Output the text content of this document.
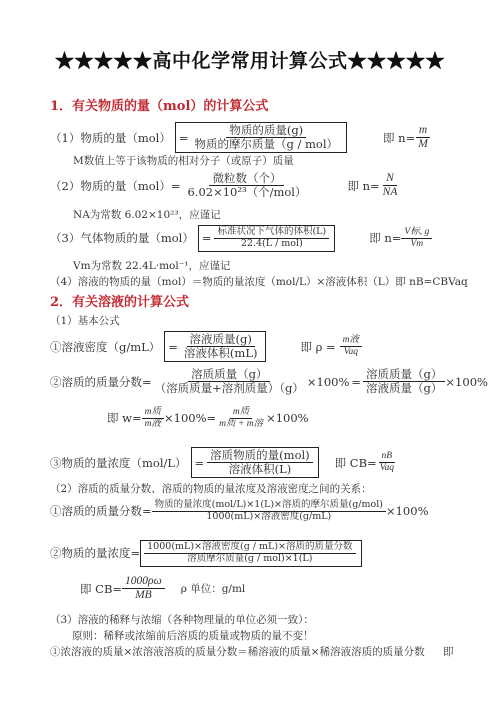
★★★★★高中化学常用计算公式★★★★★
1．有关物质的量（mol）的计算公式
（1）物质的量$(mol) = \frac{\text{物质的质量(g)}}{\text{物质的摩尔质量（g / mol）}}$	即 $n= \frac{m}{M}$
M数值上等于该物质的相对分子（或原子）质量
（2）物质的量$(mol)= \frac{\text{微粒数（个）}}{\text{6.02×10²³（个/mol）}}$	即 $n= \frac{N}{NA}$
NA为常数 6.02×10²³，应谨记
（3）气体物质的量$(mol) = \frac{\text{标准状况下气体的体积(L)}}{\text{22.4(L / mol)}}$	即 $n= \frac{\text{V标, g}}{Vm}$
Vm为常数 22.4L·mol⁻¹，应谨记
（4）溶液的物质的量（mol）＝物质的量浓度（mol/L）×溶液体积（L）即 nB=CBVaq
2．有关溶液的计算公式
（1）基本公式
①溶液密度$(g/mL) = \frac{\text{溶液质量(g)}}{\text{溶液体积(mL)}}$	即 $\rho = \frac{\text{m液}}{\text{Vaq}}$
②溶质的质量分数= $\frac{\text{溶质质量（g）}}{\text{（溶质质量+溶剂质量）（g）}} \times 100\% = \frac{\text{溶质质量（g）}}{\text{溶液质量（g）}} \times 100\%$
即 $w= \frac{\text{m质}}{\text{m液}} \times 100\%= \frac{\text{m质}}{\text{m质 + m溶}} \times 100\%$
③物质的量浓度$(mol/L) = \frac{\text{溶质物质的量(mol)}}{\text{溶液体积(L)}}$ 即 $CB= \frac{nB}{\text{Vaq}}$
（2）溶质的质量分数、溶质的物质的量浓度及溶液密度之间的关系：
①溶质的质量分数= $\frac{\text{物质的量浓度(mol/L)×1(L)×溶质的摩尔质量(g/mol)}}{\text{1000(mL)×溶液密度(g/mL)}} \times 100\%$
②物质的量浓度= $\frac{\text{1000(mL)×溶液密度(g / mL)×溶质的质量分数}}{\text{溶质摩尔质量(g / mol)×1(L)}}$
即 $CB= \frac{1000\rho\omega}{MB}$ ρ 单位：g/ml
（3）溶液的稀释与浓缩（各种物理量的单位必须一致）：
原则：稀释或浓缩前后溶质的质量或物质的量不变！
①浓溶液的质量×浓溶液溶质的质量分数＝稀溶液的质量×稀溶液溶质的质量分数 即
